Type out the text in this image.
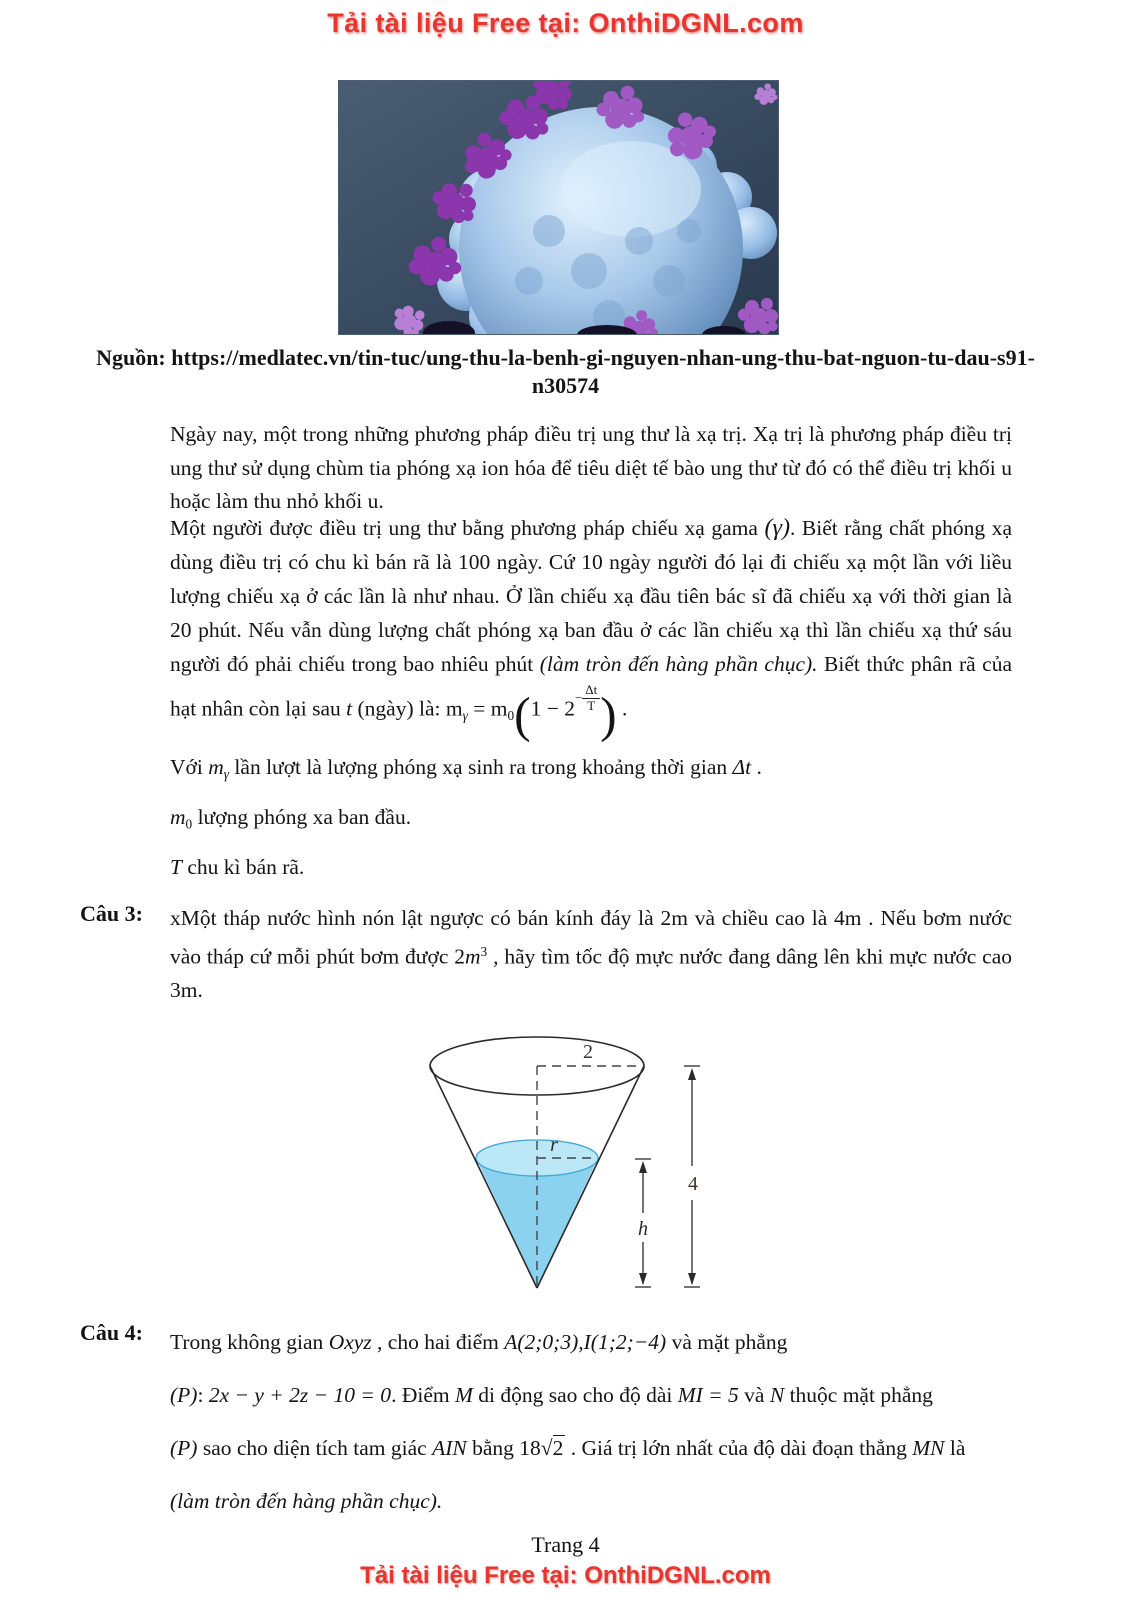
Tải tài liệu Free tại: OnthiDGNL.com
Nguồn: https://medlatec.vn/tin-tuc/ung-thu-la-benh-gi-nguyen-nhan-ung-thu-bat-nguon-tu-dau-s91-n30574
Ngày nay, một trong những phương pháp điều trị ung thư là xạ trị. Xạ trị là phương pháp điều trị ung thư sử dụng chùm tia phóng xạ ion hóa để tiêu diệt tế bào ung thư từ đó có thể điều trị khối u hoặc làm thu nhỏ khối u.
Một người được điều trị ung thư bằng phương pháp chiếu xạ gama (γ). Biết rằng chất phóng xạ dùng điều trị có chu kì bán rã là 100 ngày. Cứ 10 ngày người đó lại đi chiếu xạ một lần với liều lượng chiếu xạ ở các lần là như nhau. Ở lần chiếu xạ đầu tiên bác sĩ đã chiếu xạ với thời gian là 20 phút. Nếu vẫn dùng lượng chất phóng xạ ban đầu ở các lần chiếu xạ thì lần chiếu xạ thứ sáu người đó phải chiếu trong bao nhiêu phút (làm tròn đến hàng phần chục). Biết thức phân rã của hạt nhân còn lại sau t (ngày) là: $m_\gamma = m_0(1 - 2- \frac{\Delta t}{T}$ ) .
Với $m_\gamma$ lần lượt là lượng phóng xạ sinh ra trong khoảng thời gian Δt .
$m_0$ lượng phóng xa ban đầu.
T chu kì bán rã.
Câu 3: xMột tháp nước hình nón lật ngược có bán kính đáy là 2m và chiều cao là 4m . Nếu bơm nước vào tháp cứ mỗi phút bơm được $2m^3$ , hãy tìm tốc độ mực nước đang dâng lên khi mực nước cao 3m.
2
r
h
4
Câu 4: Trong không gian Oxyz , cho hai điểm A(2;0;3),I(1;2;−4) và mặt phẳng
(P): 2x − y + 2z − 10 = 0. Điểm M di động sao cho độ dài MI = 5 và N thuộc mặt phẳng
(P) sao cho diện tích tam giác AIN bằng 18√2 . Giá trị lớn nhất của độ dài đoạn thẳng MN là
(làm tròn đến hàng phần chục).
Trang 4
Tải tài liệu Free tại: OnthiDGNL.com
